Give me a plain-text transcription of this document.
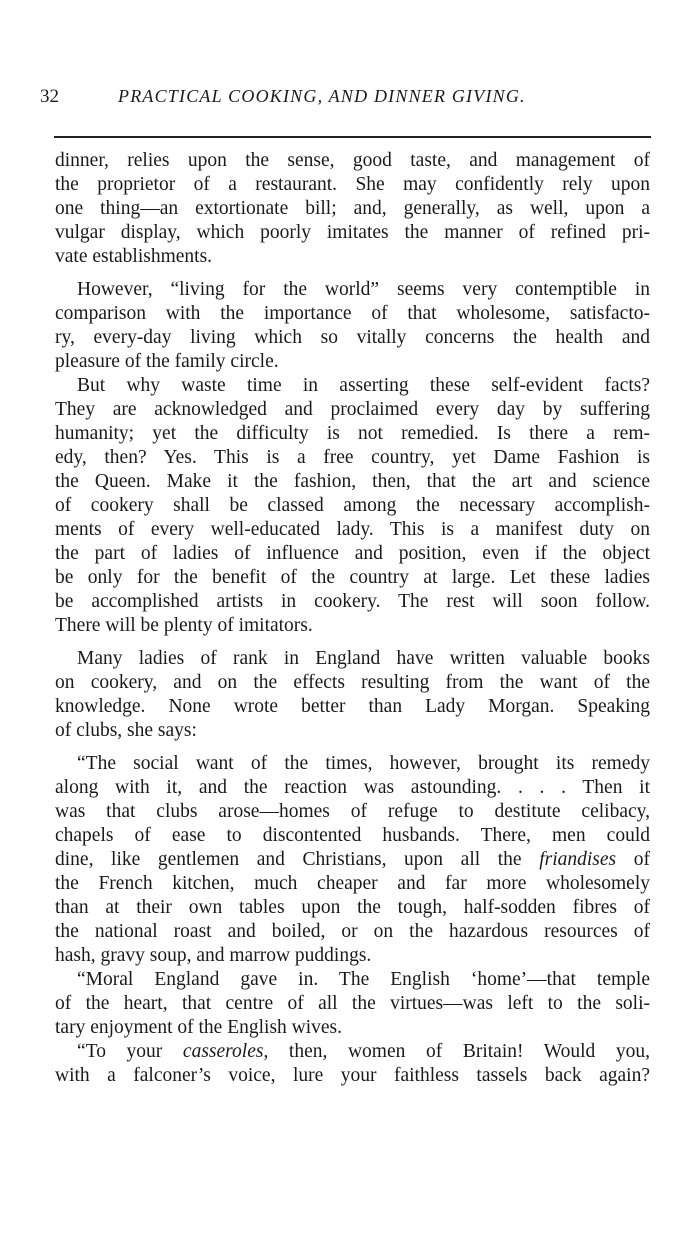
32	PRACTICAL COOKING, AND DINNER GIVING.
dinner, relies upon the sense, good taste, and management of
the proprietor of a restaurant. She may confidently rely upon
one thing—an extortionate bill; and, generally, as well, upon a
vulgar display, which poorly imitates the manner of refined pri-
vate establishments.
However, “living for the world” seems very contemptible in
comparison with the importance of that wholesome, satisfacto-
ry, every-day living which so vitally concerns the health and
pleasure of the family circle.
But why waste time in asserting these self-evident facts?
They are acknowledged and proclaimed every day by suffering
humanity; yet the difficulty is not remedied. Is there a rem-
edy, then? Yes. This is a free country, yet Dame Fashion is
the Queen. Make it the fashion, then, that the art and science
of cookery shall be classed among the necessary accomplish-
ments of every well-educated lady. This is a manifest duty on
the part of ladies of influence and position, even if the object
be only for the benefit of the country at large. Let these ladies
be accomplished artists in cookery. The rest will soon follow.
There will be plenty of imitators.
Many ladies of rank in England have written valuable books
on cookery, and on the effects resulting from the want of the
knowledge. None wrote better than Lady Morgan. Speaking
of clubs, she says:
“The social want of the times, however, brought its remedy
along with it, and the reaction was astounding. . . . Then it
was that clubs arose—homes of refuge to destitute celibacy,
chapels of ease to discontented husbands. There, men could
dine, like gentlemen and Christians, upon all the friandises of
the French kitchen, much cheaper and far more wholesomely
than at their own tables upon the tough, half-sodden fibres of
the national roast and boiled, or on the hazardous resources of
hash, gravy soup, and marrow puddings.
“Moral England gave in. The English ‘home’—that temple
of the heart, that centre of all the virtues—was left to the soli-
tary enjoyment of the English wives.
“To your casseroles, then, women of Britain! Would you,
with a falconer’s voice, lure your faithless tassels back again?
